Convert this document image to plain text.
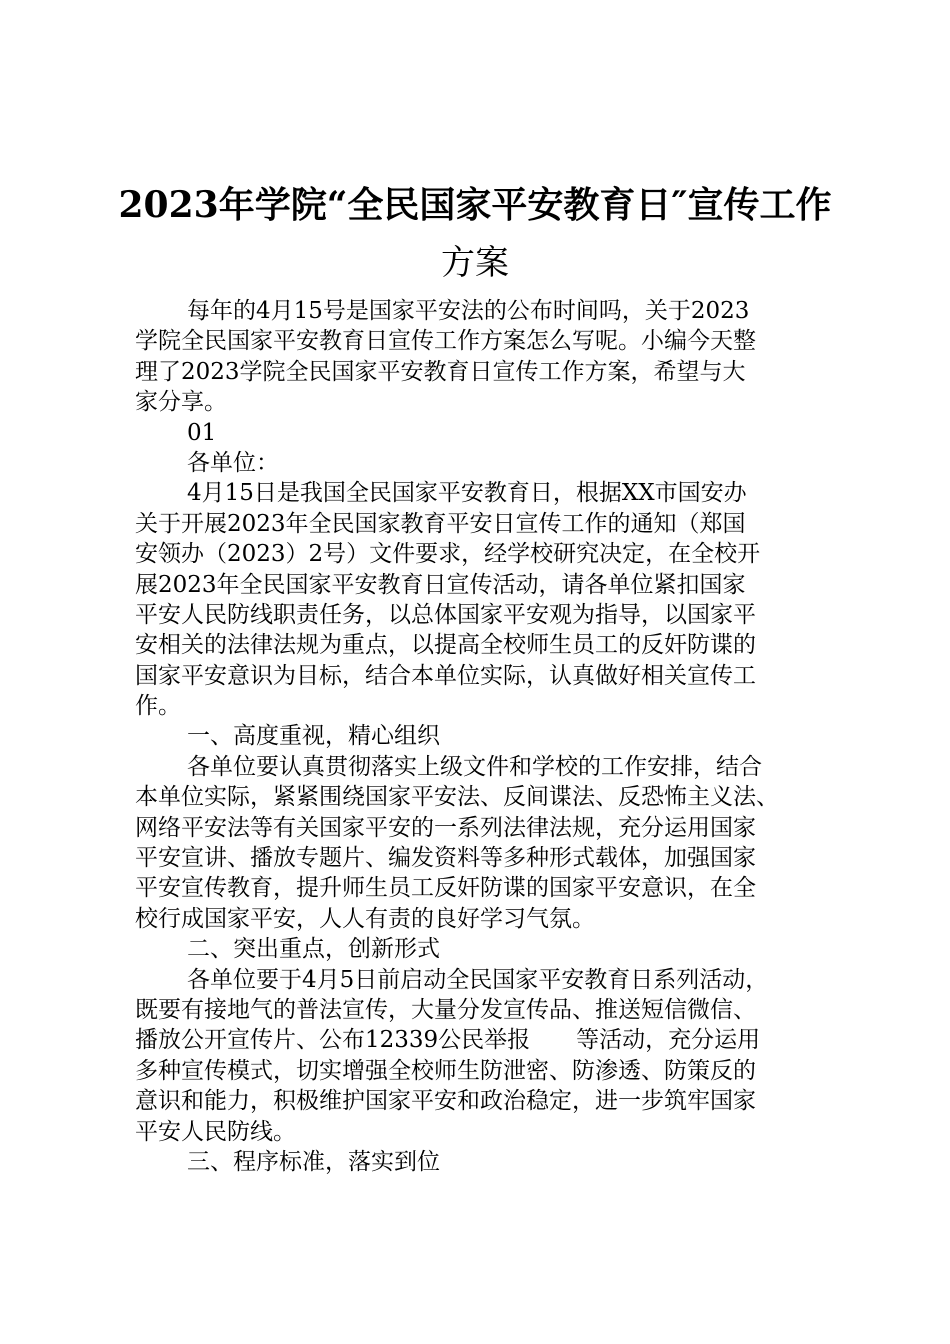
2023年学院“全民国家平安教育日″宣传工作
方案

每年的4月15号是国家平安法的公布时间吗，关于2023

学院全民国家平安教育日宣传工作方案怎么写呢。小编今天整

理了2023学院全民国家平安教育日宣传工作方案，希望与大

家分享。

01

各单位：

4月15日是我国全民国家平安教育日，根据XX市国安办

关于开展2023年全民国家教育平安日宣传工作的通知（郑国

安领办（2023）2号）文件要求，经学校研究决定，在全校开

展2023年全民国家平安教育日宣传活动，请各单位紧扣国家

平安人民防线职责任务，以总体国家平安观为指导，以国家平

安相关的法律法规为重点，以提高全校师生员工的反奸防谍的

国家平安意识为目标，结合本单位实际，认真做好相关宣传工

作。

一、高度重视，精心组织

各单位要认真贯彻落实上级文件和学校的工作安排，结合

本单位实际，紧紧围绕国家平安法、反间谍法、反恐怖主义法、

网络平安法等有关国家平安的一系列法律法规，充分运用国家

平安宣讲、播放专题片、编发资料等多种形式载体，加强国家

平安宣传教育，提升师生员工反奸防谍的国家平安意识，在全

校行成国家平安，人人有责的良好学习气氛。

二、突出重点，创新形式

各单位要于4月5日前启动全民国家平安教育日系列活动，

既要有接地气的普法宣传，大量分发宣传品、推送短信微信、

播放公开宣传片、公布12339公民举报　　等活动，充分运用

多种宣传模式，切实增强全校师生防泄密、防渗透、防策反的

意识和能力，积极维护国家平安和政治稳定，进一步筑牢国家

平安人民防线。

三、程序标准，落实到位
